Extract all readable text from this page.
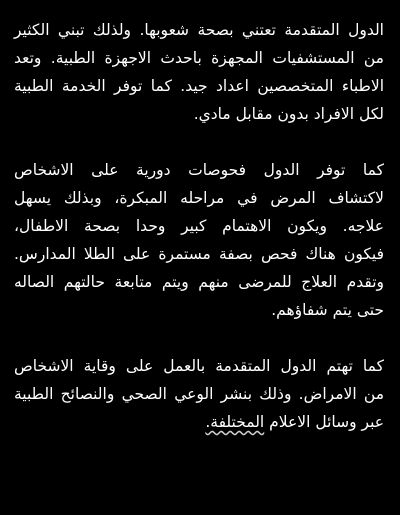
الدول المتقدمة تعتني بصحة شعوبها. ولذلك تبني الكثير
من المستشفيات المجهزة باحدث الاجهزة الطبية. وتعد
الاطباء المتخصصين اعداد جيد. كما توفر الخدمة الطبية
لكل الافراد بدون مقابل مادي.
كما توفر الدول فحوصات دورية على الاشخاص
لاكتشاف المرض في مراحله المبكرة، وبذلك يسهل
علاجه. ويكون الاهتمام كبير وحدا بصحة الاطفال،
فيكون هناك فحص بصفة مستمرة على الطلا المدارس.
وتقدم العلاج للمرضى منهم ويتم متابعة حالتهم الصاله
حتى يتم شفاؤهم.
كما تهتم الدول المتقدمة بالعمل على وقاية الاشخاص
من الامراض. وذلك بنشر الوعي الصحي والنصائح الطبية
عبر وسائل الاعلام المختلفة.
